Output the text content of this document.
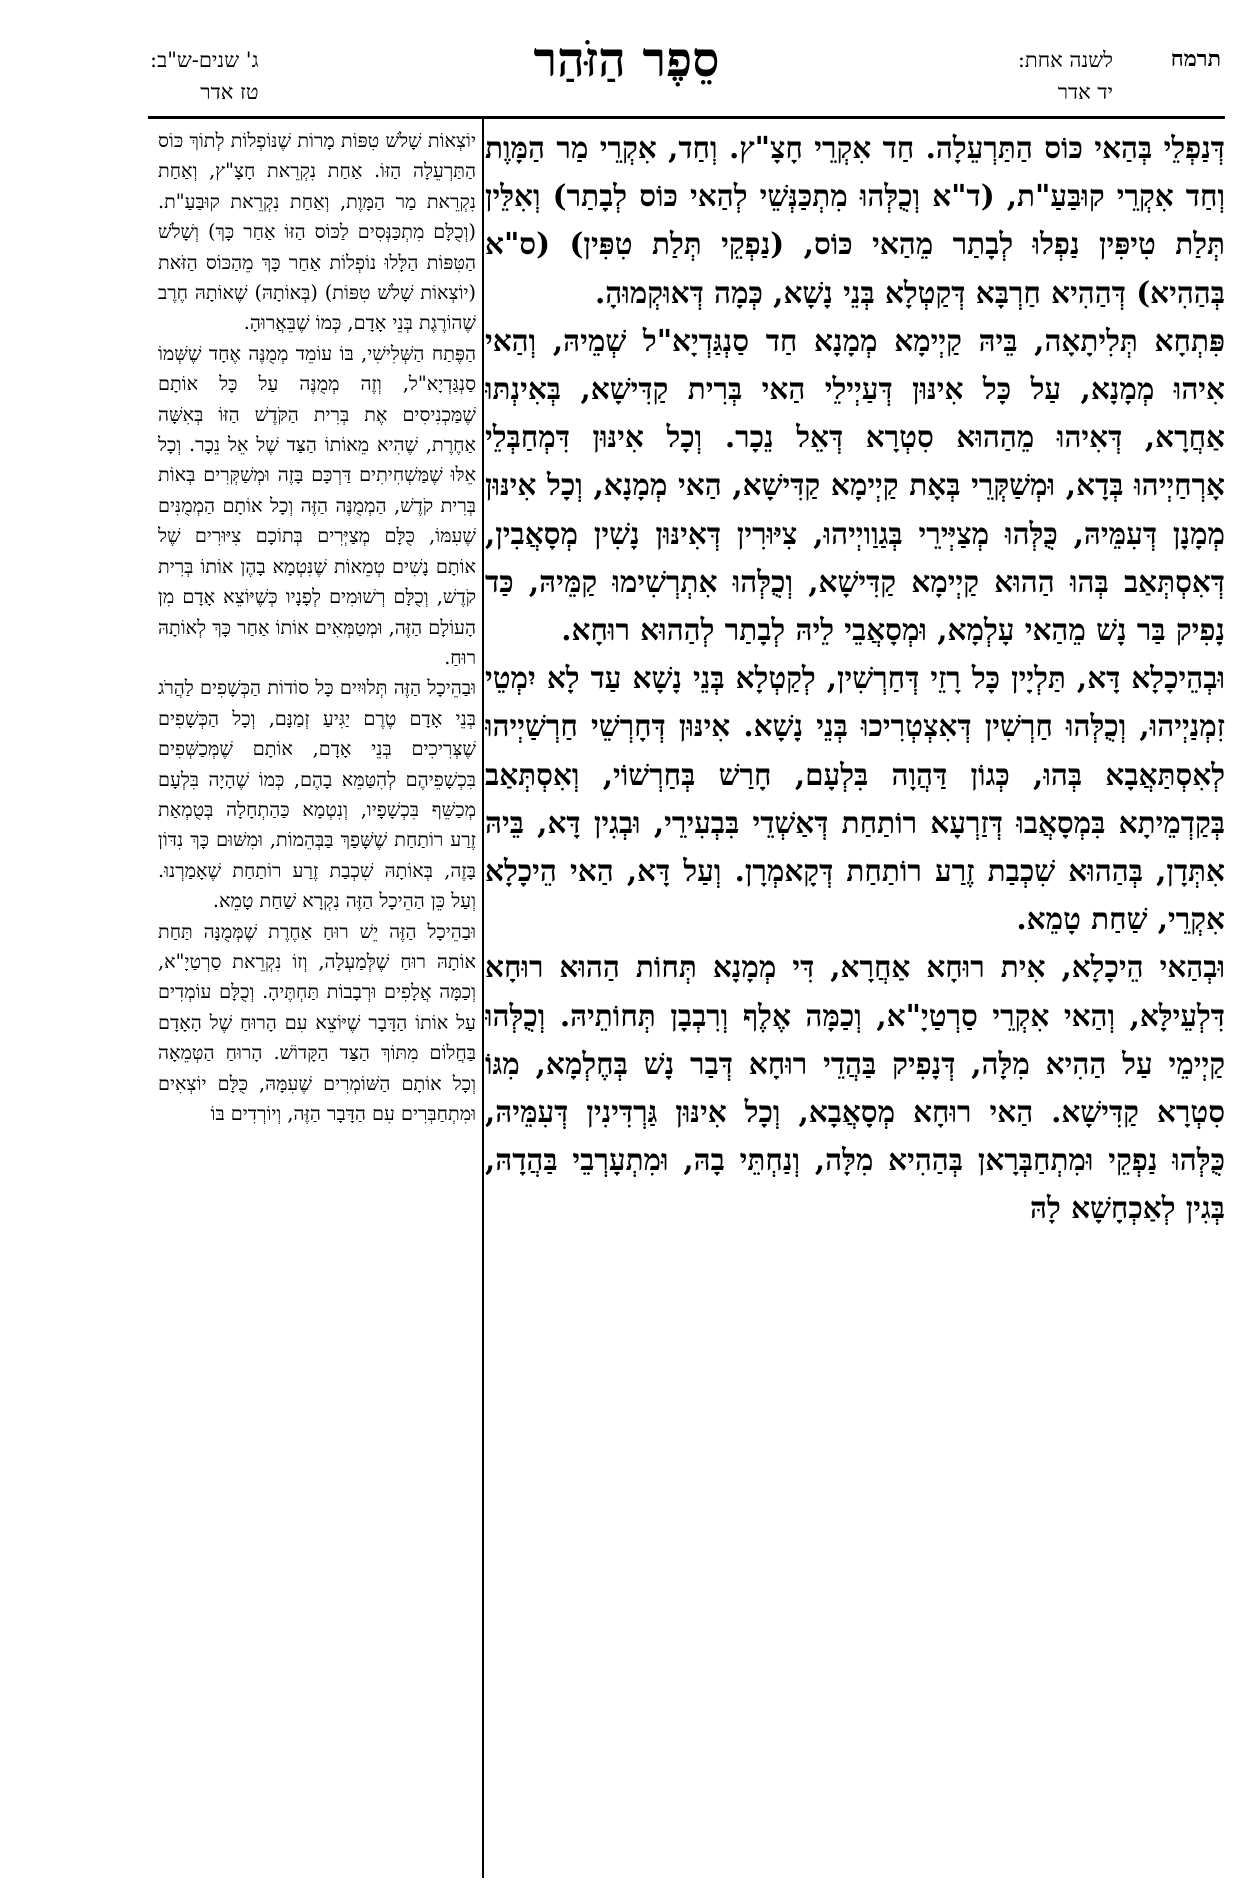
תרמח
לשנה אחת:
יד אדר
סֵפֶר הַזֹּהַר
ג' שנים-ש"ב:
טז אדר

דְּנַפְלֵי בְּהַאי כּוֹס הַתַּרְעֵלָה. חַד אִקְרֵי חָצָ"ץ. וְחַד, אִקְרֵי מַר הַמָּוֶת וְחַד אִקְרֵי קוּבַּעַ"ת, (ד"א וְכֻלְּהוּ מִתְכַּנְּשֵׁי לְהַאי כּוֹס לְבָתַר) וְאִלֵּין תְּלַת טִיפִּין נַפְלוּ לְבָתַר מֵהַאי כּוֹס, (נַפְקֵי תְּלַת טִפִּין) (ס"א בְּהַהִיא) דְּהַהִיא חַרְבָּא דְּקַטְלָא בְּנֵי נָשָׁא, כְּמָה דְּאוּקְמוּהָ.

פִּתְחָא תְּלִיתָאָה, בֵּיהּ קַיְימָא מְמָנָא חַד סַנְגַּדְיָא"ל שְׁמֵיהּ, וְהַאי אִיהוּ מְמָנָא, עַל כָּל אִינּוּן דְּעַיְילֵי הַאי בְּרִית קַדִּישָׁא, בְּאִינְתּוּ אַחֲרָא, דְּאִיהוּ מֵהַהוּא סִטְרָא דְּאֵל נֵכָר. וְכָל אִינּוּן דִּמְחַבְּלֵי אָרְחַיְיהוּ בְּדָא, וּמְשַׁקְּרֵי בְּאָת קַיְימָא קַדִּישָׁא, הַאי מְמָנָא, וְכָל אִינּוּן מְמָנָן דְּעִמֵּיהּ, כֻּלְּהוּ מְצַיְּירֵי בְּגַוַויְיהוּ, צִיּוּרִין דְּאִינּוּן נָשִׁין מְסָאֲבִין, דְּאִסְתְּאַב בְּהוּ הַהוּא קַיְימָא קַדִּישָׁא, וְכֻלְּהוּ אִתְרְשִׁימוּ קַמֵּיהּ, כַּד נָפִיק בַּר נָשׁ מֵהַאי עָלְמָא, וּמְסָאֲבֵי לֵיהּ לְבָתַר לְהַהוּא רוּחָא.

וּבְהֵיכָלָא דָּא, תַּלְיָין כָּל רָזֵי דְּחַרְשִׁין, לְקַטְלָא בְּנֵי נָשָׁא עַד לָא יִמְטֵי זִמְנַיְיהוּ, וְכֻלְּהוּ חַרְשִׁין דְּאִצְטְרִיכוּ בְּנֵי נָשָׁא. אִינּוּן דְּחָרְשֵׁי חַרְשַׁיְיהוּ לְאִסְתַּאֲבָא בְּהוּ, כְּגוֹן דַּהֲוָה בִּלְעָם, חָרַשׁ בְּחַרְשׁוֹי, וְאִסְתְּאַב בְּקַדְמֵיתָא בִּמְסָאֲבוּ דְּזַרְעָא רוֹתַחַת דְּאַשְׁדֵי בִּבְעִירֵי, וּבְגִין דָּא, בֵּיהּ אִתְּדָן, בְּהַהוּא שִׁכְבַת זֶרַע רוֹתַחַת דְּקָאמְרָן. וְעַל דָּא, הַאי הֵיכָלָא אִקְרֵי, שַׁחַת טָמֵא.

וּבְהַאי הֵיכָלָא, אִית רוּחָא אַחֲרָא, דִּי מְמָנָא תְּחוֹת הַהוּא רוּחָא דִּלְעֵילָּא, וְהַאי אִקְרֵי סַרְטַיָ"א, וְכַמָּה אֶלֶף וְרִבְבָן תְּחוֹתֵיהּ. וְכֻלְּהוּ קַיְימֵי עַל הַהִיא מִלָּה, דְּנָפִיק בַּהֲדֵי רוּחָא דְּבַר נָשׁ בְּחֶלְמָא, מִגּוֹ סִטְרָא קַדִּישָׁא. הַאי רוּחָא מְסָאֲבָא, וְכָל אִינּוּן גַּרְדִּינִין דְּעִמֵּיהּ, כֻּלְּהוּ נַפְקֵי וּמִתְחַבְּרָאן בְּהַהִיא מִלָּה, וְנַחְתֵּי בָהּ, וּמִתְעָרְבֵי בַּהֲדָהּ, בְּגִין לְאַכְחָשָׁא לָהּ

יוֹצְאוֹת שָׁלֹשׁ טִפּוֹת מָרוֹת שֶׁנּוֹפְלוֹת לְתוֹךְ כּוֹס הַתַּרְעֵלָה הַזּוֹ. אַחַת נִקְרֵאת חָצָ"ץ, וְאַחַת נִקְרֵאת מַר הַמָּוֶת, וְאַחַת נִקְרֵאת קוּבַּעַ"ת. (וְכֻלָּם מִתְכַּנְּסִים לַכּוֹס הַזּוֹ אַחַר כָּךְ) וְשָׁלֹשׁ הַטִּפּוֹת הַלָּלוּ נוֹפְלוֹת אַחַר כָּךְ מֵהַכּוֹס הַזֹּאת (יוֹצְאוֹת שָׁלֹשׁ טִפּוֹת) (בְּאוֹתָהּ) שֶׁאוֹתָהּ חֶרֶב שֶׁהוֹרֶגֶת בְּנֵי אָדָם, כְּמוֹ שֶׁבֵּאֲרוּהָ.

הַפֶּתַח הַשְּׁלִישִׁי, בּוֹ עוֹמֵד מְמֻנֶּה אֶחָד שֶׁשְּׁמוֹ סַנְגַּדְיָא"ל, וְזֶה מְמֻנֶּה עַל כָּל אוֹתָם שֶׁמַּכְנִיסִים אֶת בְּרִית הַקֹּדֶשׁ הַזּוֹ בְּאִשָּׁה אַחֶרֶת, שֶׁהִיא מֵאוֹתוֹ הַצַּד שֶׁל אֵל נֵכָר. וְכָל אֵלּוּ שֶׁמַּשְׁחִיתִים דַּרְכָּם בָּזֶה וּמְשַׁקְּרִים בְּאוֹת בְּרִית קֹדֶשׁ, הַמְמֻנֶּה הַזֶּה וְכָל אוֹתָם הַמְמֻנִּים שֶׁעִמּוֹ, כֻּלָּם מְצַיְּרִים בְּתוֹכָם צִיּוּרִים שֶׁל אוֹתָם נָשִׁים טְמֵאוֹת שֶׁנִּטְמָא בָהֶן אוֹתוֹ בְּרִית קֹדֶשׁ, וְכֻלָּם רְשׁוּמִים לְפָנָיו כְּשֶׁיּוֹצֵא אָדָם מִן הָעוֹלָם הַזֶּה, וּמְטַמְּאִים אוֹתוֹ אַחַר כָּךְ לְאוֹתָהּ רוּחַ.

וּבַהֵיכָל הַזֶּה תְּלוּיִים כָּל סוֹדוֹת הַכְּשָׁפִים לַהֲרֹג בְּנֵי אָדָם טֶרֶם יַגִּיעַ זְמַנָּם, וְכָל הַכְּשָׁפִים שֶׁצְּרִיכִים בְּנֵי אָדָם, אוֹתָם שֶׁמְּכַשְּׁפִים בִּכְשָׁפֵיהֶם לְהִטַּמֵּא בָהֶם, כְּמוֹ שֶׁהָיָה בִּלְעָם מְכַשֵּׁף בִּכְשָׁפָיו, וְנִטְמָא כַּהַתְחָלָה בְּטֻמְאַת זֶרַע רוֹתַחַת שֶׁשָּׁפַךְ בַּבְּהֵמוֹת, וּמִשּׁוּם כָּךְ נִדּוֹן בָּזֶה, בְּאוֹתָהּ שִׁכְבַת זֶרַע רוֹתַחַת שֶׁאָמַרְנוּ. וְעַל כֵּן הַהֵיכָל הַזֶּה נִקְרָא שַׁחַת טָמֵא.

וּבַהֵיכָל הַזֶּה יֵשׁ רוּחַ אַחֶרֶת שֶׁמְּמֻנָּה תַּחַת אוֹתָהּ רוּחַ שֶׁלְּמַעְלָה, וְזוֹ נִקְרֵאת סַרְטַיָ"א, וְכַמָּה אֲלָפִים וּרְבָבוֹת תַּחְתֶּיהָ. וְכֻלָּם עוֹמְדִים עַל אוֹתוֹ הַדָּבָר שֶׁיּוֹצֵא עִם הָרוּחַ שֶׁל הָאָדָם בַּחֲלוֹם מִתּוֹךְ הַצַּד הַקָּדוֹשׁ. הָרוּחַ הַטְּמֵאָה וְכָל אוֹתָם הַשּׁוֹמְרִים שֶׁעִמָּהּ, כֻּלָּם יוֹצְאִים וּמִתְחַבְּרִים עִם הַדָּבָר הַזֶּה, וְיוֹרְדִים בּוֹ
